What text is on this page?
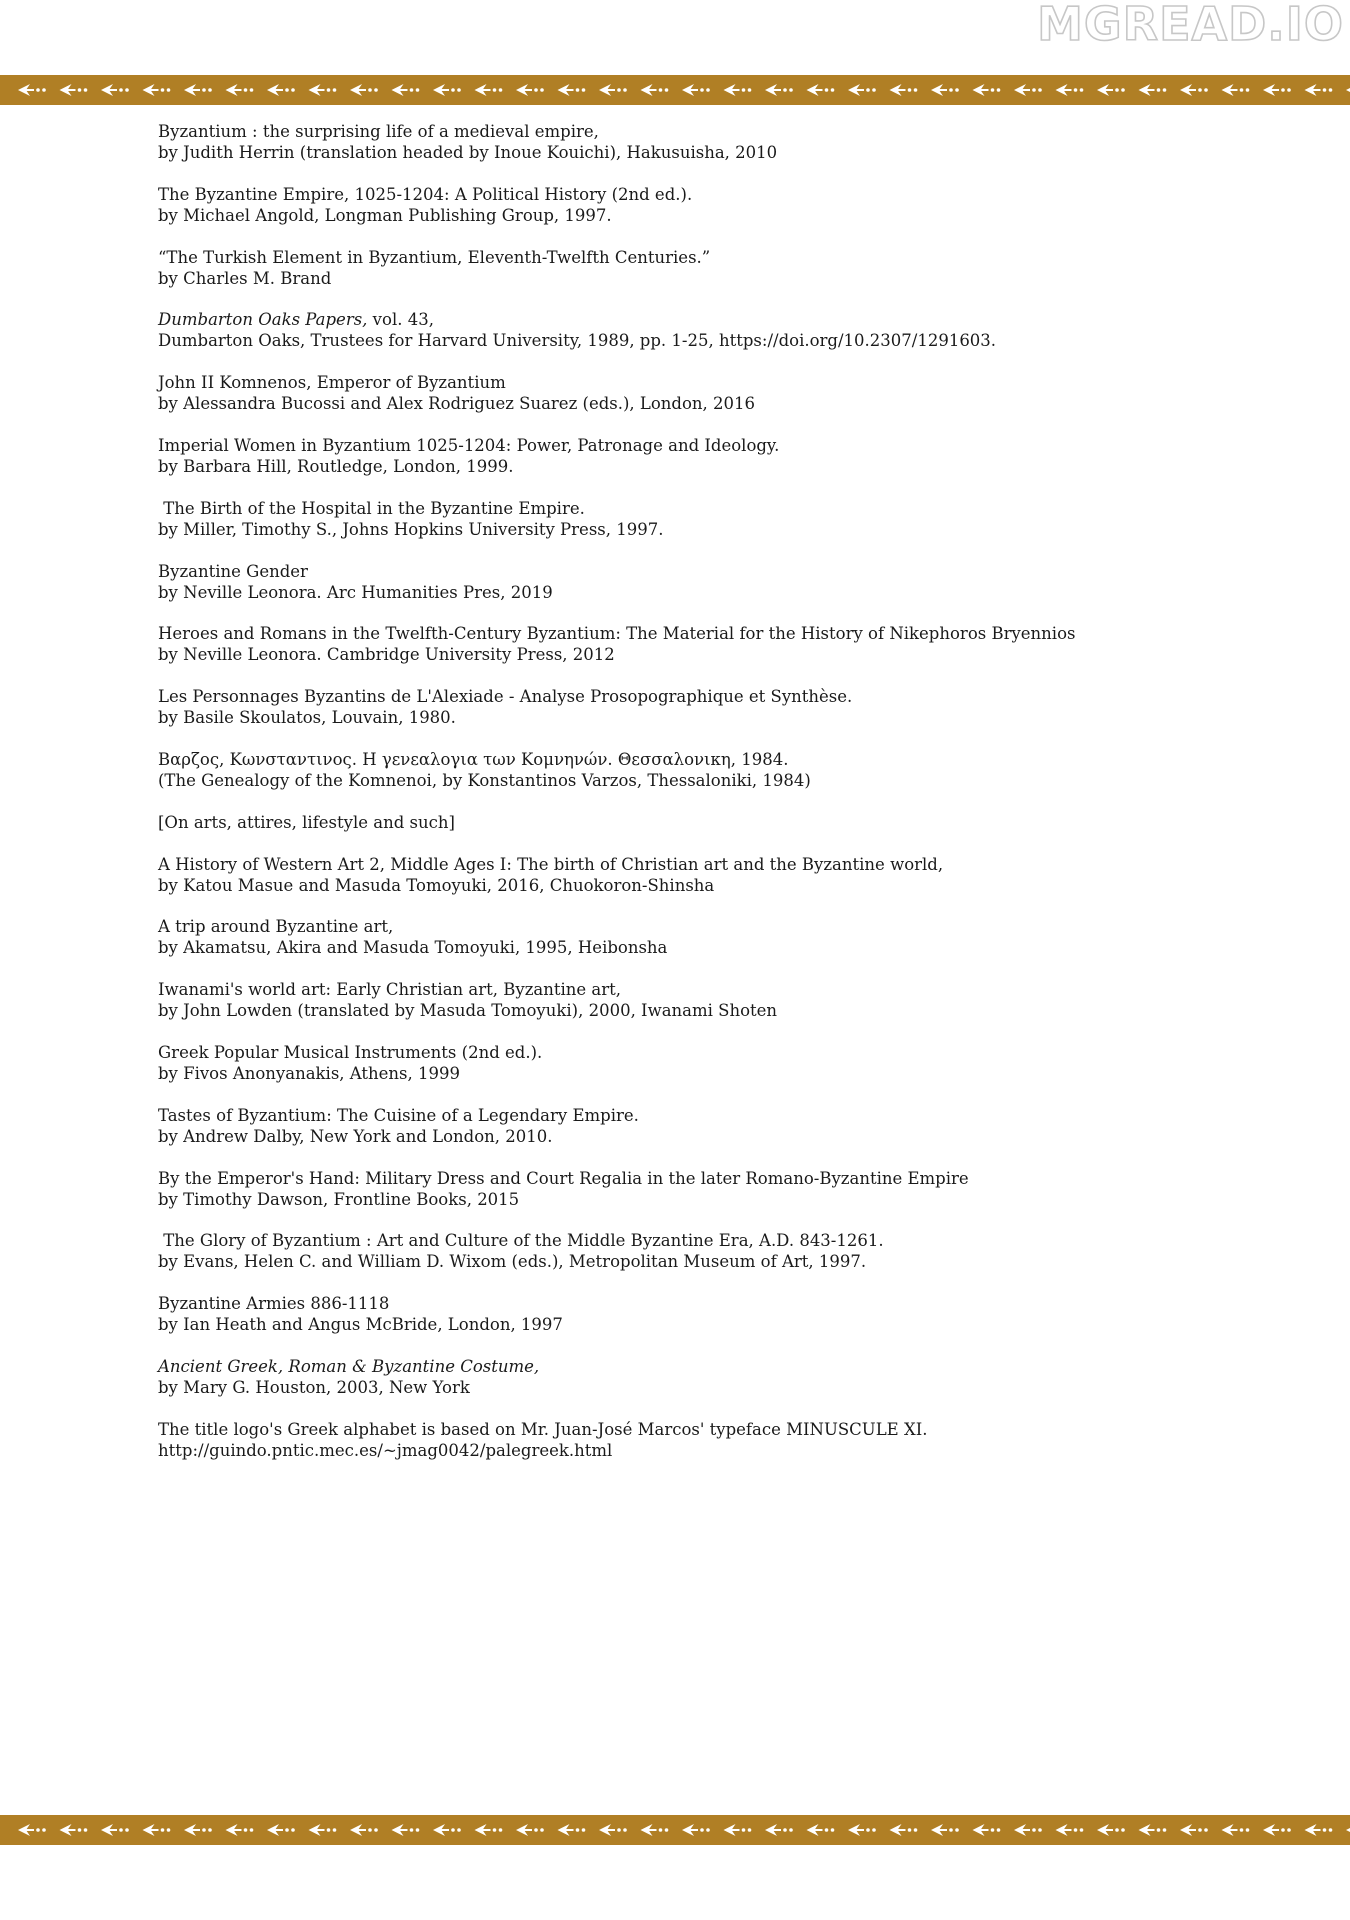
MGREAD.IO
Byzantium : the surprising life of a medieval empire,
by Judith Herrin (translation headed by Inoue Kouichi), Hakusuisha, 2010
The Byzantine Empire, 1025-1204: A Political History (2nd ed.).
by Michael Angold, Longman Publishing Group, 1997.
“The Turkish Element in Byzantium, Eleventh-Twelfth Centuries.”
by Charles M. Brand
Dumbarton Oaks Papers, vol. 43,
Dumbarton Oaks, Trustees for Harvard University, 1989, pp. 1-25, https://doi.org/10.2307/1291603.
John II Komnenos, Emperor of Byzantium
by Alessandra Bucossi and Alex Rodriguez Suarez (eds.), London, 2016
Imperial Women in Byzantium 1025-1204: Power, Patronage and Ideology.
by Barbara Hill, Routledge, London, 1999.
The Birth of the Hospital in the Byzantine Empire.
by Miller, Timothy S., Johns Hopkins University Press, 1997.
Byzantine Gender
by Neville Leonora. Arc Humanities Pres, 2019
Heroes and Romans in the Twelfth-Century Byzantium: The Material for the History of Nikephoros Bryennios
by Neville Leonora. Cambridge University Press, 2012
Les Personnages Byzantins de L'Alexiade - Analyse Prosopographique et Synthèse.
by Basile Skoulatos, Louvain, 1980.
Βαρζος, Κωνσταντινος. Η γενεαλογια των Κομνηνών. Θεσσαλονικη, 1984.
(The Genealogy of the Komnenoi, by Konstantinos Varzos, Thessaloniki, 1984)
[On arts, attires, lifestyle and such]
A History of Western Art 2, Middle Ages I: The birth of Christian art and the Byzantine world,
by Katou Masue and Masuda Tomoyuki, 2016, Chuokoron-Shinsha
A trip around Byzantine art,
by Akamatsu, Akira and Masuda Tomoyuki, 1995, Heibonsha
Iwanami's world art: Early Christian art, Byzantine art,
by John Lowden (translated by Masuda Tomoyuki), 2000, Iwanami Shoten
Greek Popular Musical Instruments (2nd ed.).
by Fivos Anonyanakis, Athens, 1999
Tastes of Byzantium: The Cuisine of a Legendary Empire.
by Andrew Dalby, New York and London, 2010.
By the Emperor's Hand: Military Dress and Court Regalia in the later Romano-Byzantine Empire
by Timothy Dawson, Frontline Books, 2015
The Glory of Byzantium : Art and Culture of the Middle Byzantine Era, A.D. 843-1261.
by Evans, Helen C. and William D. Wixom (eds.), Metropolitan Museum of Art, 1997.
Byzantine Armies 886-1118
by Ian Heath and Angus McBride, London, 1997
Ancient Greek, Roman & Byzantine Costume,
by Mary G. Houston, 2003, New York
The title logo's Greek alphabet is based on Mr. Juan-José Marcos' typeface MINUSCULE XI.
http://guindo.pntic.mec.es/~jmag0042/palegreek.html
